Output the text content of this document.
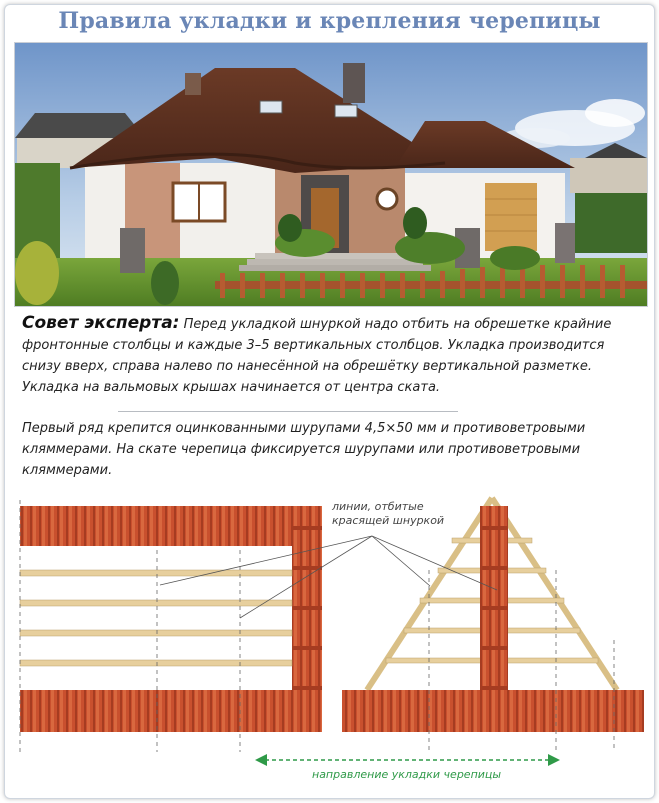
Правила укладки и крепления черепицы
Совет эксперта: Перед укладкой шнуркой надо отбить на обрешетке крайние фронтонные столбцы и каждые 3–5 вертикальных столбцов. Укладка производится снизу вверх, справа налево по нанесённой на обрешётку вертикальной разметке. Укладка на вальмовых крышах начинается от центра ската.
Первый ряд крепится оцинкованными шурупами 4,5×50 мм и противоветровыми кляммерами. На скате черепица фиксируется шурупами или противоветровыми кляммерами.
линии, отбитые
красящей шнуркой
направление укладки черепицы
